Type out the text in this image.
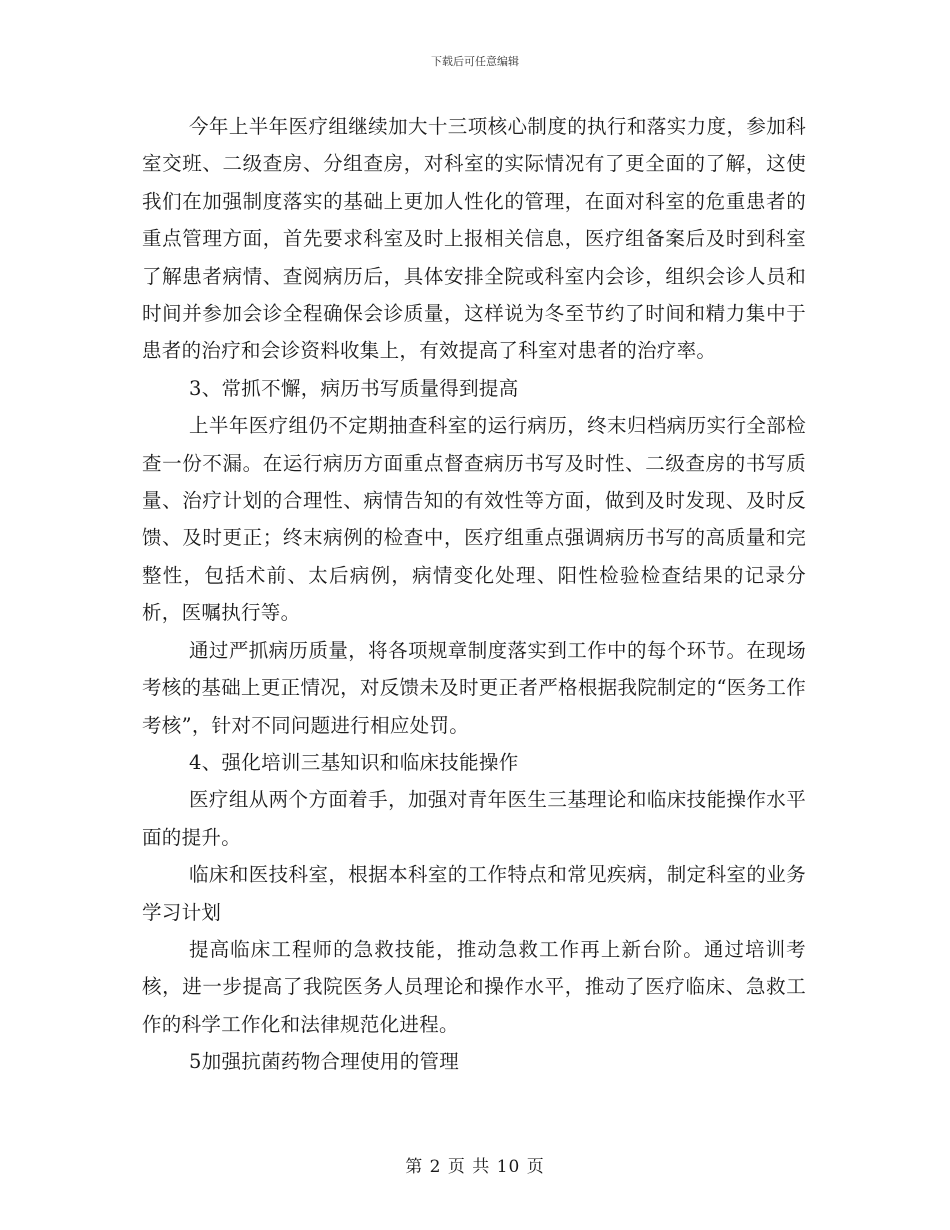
下载后可任意编辑

今年上半年医疗组继续加大十三项核心制度的执行和落实力度，参加科室交班、二级查房、分组查房，对科室的实际情况有了更全面的了解，这使我们在加强制度落实的基础上更加人性化的管理，在面对科室的危重患者的重点管理方面，首先要求科室及时上报相关信息，医疗组备案后及时到科室了解患者病情、查阅病历后，具体安排全院或科室内会诊，组织会诊人员和时间并参加会诊全程确保会诊质量，这样说为冬至节约了时间和精力集中于患者的治疗和会诊资料收集上，有效提高了科室对患者的治疗率。

3、常抓不懈，病历书写质量得到提高

上半年医疗组仍不定期抽查科室的运行病历，终末归档病历实行全部检查一份不漏。在运行病历方面重点督查病历书写及时性、二级查房的书写质量、治疗计划的合理性、病情告知的有效性等方面，做到及时发现、及时反馈、及时更正；终末病例的检查中，医疗组重点强调病历书写的高质量和完整性，包括术前、太后病例，病情变化处理、阳性检验检查结果的记录分析，医嘱执行等。

通过严抓病历质量，将各项规章制度落实到工作中的每个环节。在现场考核的基础上更正情况，对反馈未及时更正者严格根据我院制定的“医务工作考核”，针对不同问题进行相应处罚。

4、强化培训三基知识和临床技能操作

医疗组从两个方面着手，加强对青年医生三基理论和临床技能操作水平面的提升。

临床和医技科室，根据本科室的工作特点和常见疾病，制定科室的业务学习计划

提高临床工程师的急救技能，推动急救工作再上新台阶。通过培训考核，进一步提高了我院医务人员理论和操作水平，推动了医疗临床、急救工作的科学工作化和法律规范化进程。

5加强抗菌药物合理使用的管理

第 2 页 共 10 页
